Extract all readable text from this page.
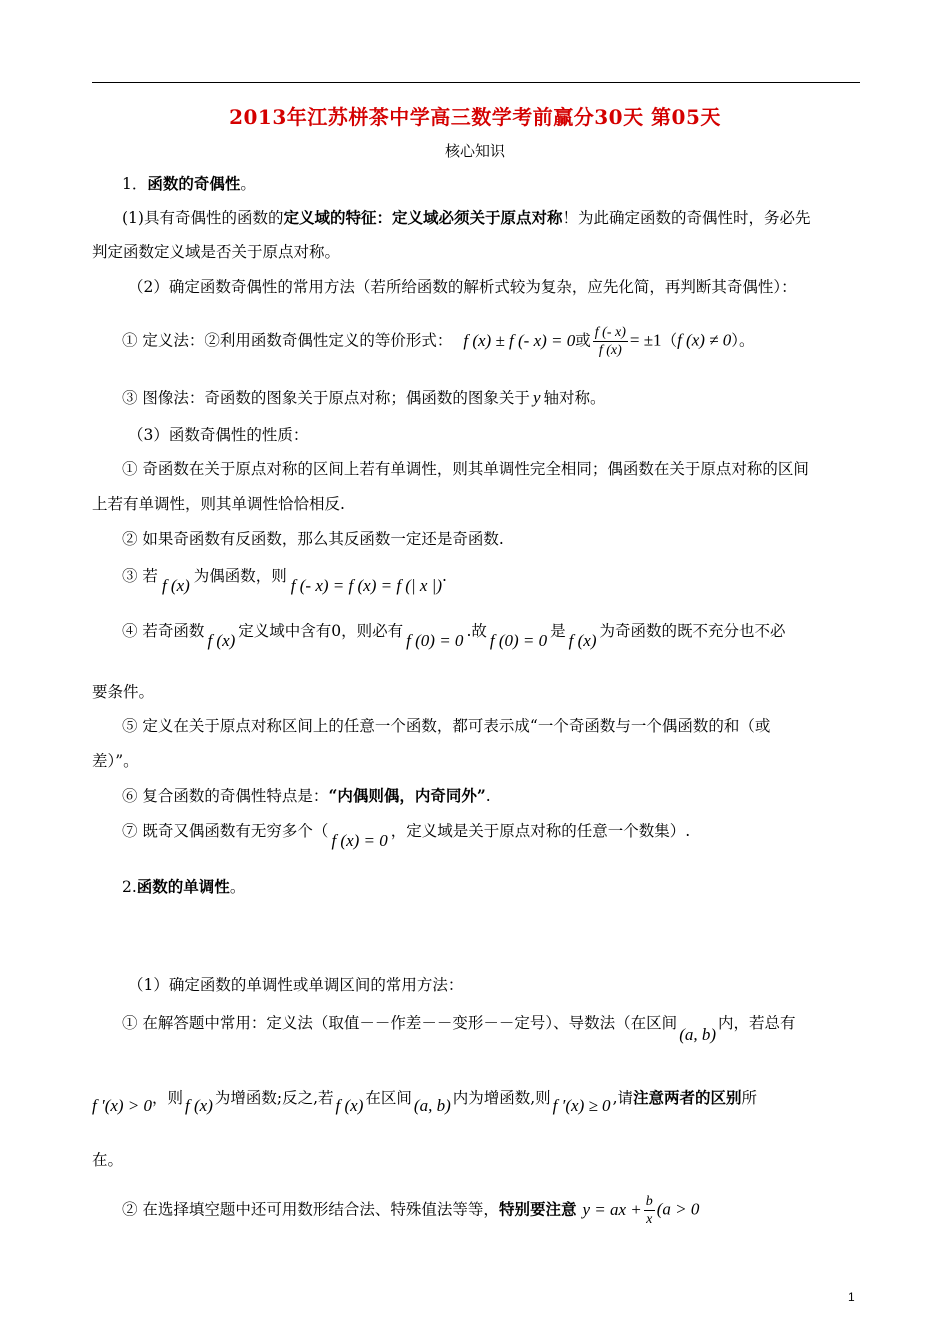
2013年江苏栟茶中学高三数学考前赢分30天 第05天
核心知识
1．函数的奇偶性。
(1)具有奇偶性的函数的定义域的特征：定义域必须关于原点对称！为此确定函数的奇偶性时，务必先
判定函数定义域是否关于原点对称。
（2）确定函数奇偶性的常用方法（若所给函数的解析式较为复杂，应先化简，再判断其奇偶性）：
① 定义法：②利用函数奇偶性定义的等价形式： f (x) ± f (- x) = 0或 $\frac{f (- x)}{f (x)} = \pm 1(f$ (x) ≠ 0）。
③ 图像法：奇函数的图象关于原点对称；偶函数的图象关于 y 轴对称。
（3）函数奇偶性的性质：
① 奇函数在关于原点对称的区间上若有单调性，则其单调性完全相同；偶函数在关于原点对称的区间
上若有单调性，则其单调性恰恰相反.
② 如果奇函数有反函数，那么其反函数一定还是奇函数.
③ 若 f (x) 为偶函数，则 f (- x) = f (x) = f (| x |).
④ 若奇函数 f (x) 定义域中含有0，则必有 f (0) = 0 .故 f (0) = 0 是 f (x) 为奇函数的既不充分也不必
要条件。
⑤ 定义在关于原点对称区间上的任意一个函数，都可表示成“一个奇函数与一个偶函数的和（或
差）”。
⑥ 复合函数的奇偶性特点是：“内偶则偶，内奇同外”.
⑦ 既奇又偶函数有无穷多个（ f (x) = 0 ，定义域是关于原点对称的任意一个数集）.
2.函数的单调性。
（1）确定函数的单调性或单调区间的常用方法：
① 在解答题中常用：定义法（取值－－作差－－变形－－定号）、导数法（在区间(a, b)内，若总有
f ′(x) > 0，则 f (x) 为增函数;反之,若 f (x) 在区间 (a, b) 内为增函数,则 f ′(x) ≥ 0 ,请注意两者的区别所
在。
② 在选择填空题中还可用数形结合法、特殊值法等等，特别要注意 y = ax + $\frac{b}{x} (a > 0$
1
